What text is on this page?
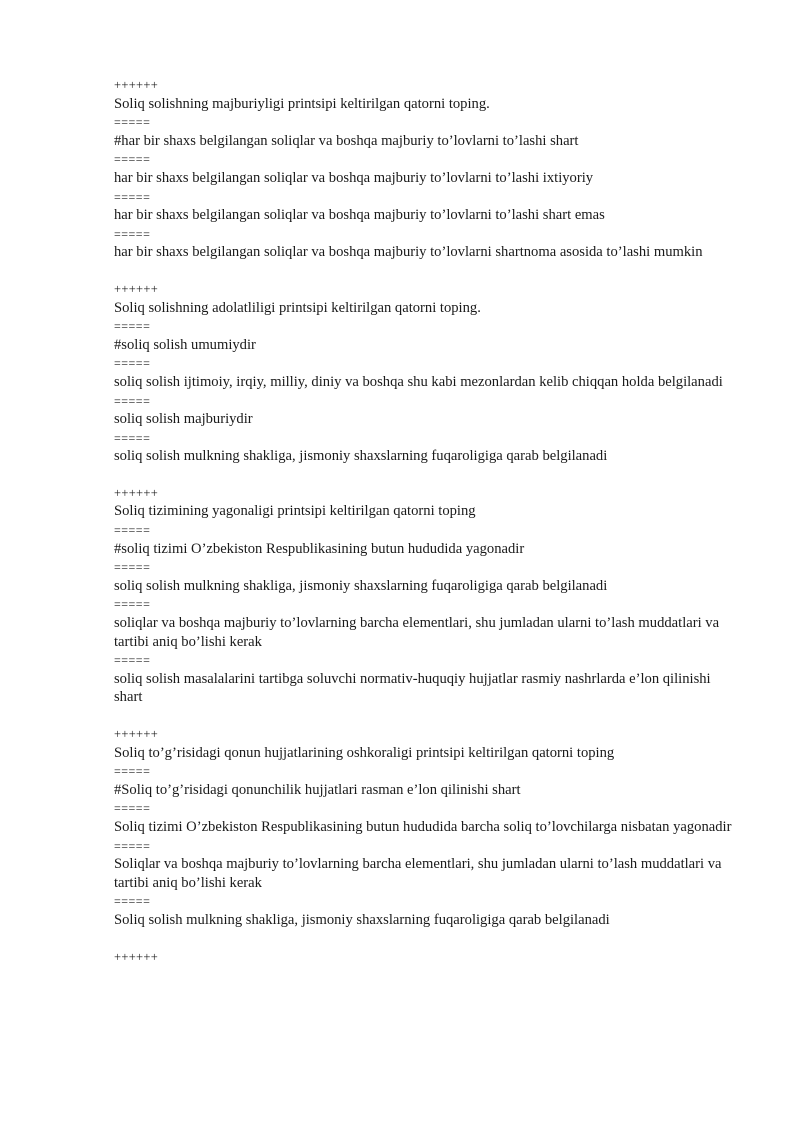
++++++
Soliq solishning majburiyligi printsipi keltirilgan qatorni toping.
=====
#har bir shaxs belgilangan soliqlar va boshqa majburiy to’lovlarni to’lashi shart
=====
har bir shaxs belgilangan soliqlar va boshqa majburiy to’lovlarni to’lashi ixtiyoriy
=====
har bir shaxs belgilangan soliqlar va boshqa majburiy to’lovlarni to’lashi shart emas
=====
har bir shaxs belgilangan soliqlar va boshqa majburiy to’lovlarni shartnoma asosida to’lashi mumkin
++++++
Soliq solishning adolatliligi printsipi keltirilgan qatorni toping.
=====
#soliq solish umumiydir
=====
soliq solish ijtimoiy, irqiy, milliy, diniy va boshqa shu kabi mezonlardan kelib chiqqan holda belgilanadi
=====
soliq solish majburiydir
=====
soliq solish mulkning shakliga, jismoniy shaxslarning fuqaroligiga qarab belgilanadi
++++++
Soliq tizimining yagonaligi printsipi keltirilgan qatorni toping
=====
#soliq tizimi O’zbekiston Respublikasining butun hududida yagonadir
=====
soliq solish mulkning shakliga, jismoniy shaxslarning fuqaroligiga qarab belgilanadi
=====
soliqlar va boshqa majburiy to’lovlarning barcha elementlari, shu jumladan ularni to’lash muddatlari va tartibi aniq bo’lishi kerak
=====
soliq solish masalalarini tartibga soluvchi normativ-huquqiy hujjatlar rasmiy nashrlarda e’lon qilinishi shart
++++++
Soliq to’g’risidagi qonun hujjatlarining oshkoraligi printsipi keltirilgan qatorni toping
=====
#Soliq to’g’risidagi qonunchilik hujjatlari rasman e’lon qilinishi shart
=====
Soliq tizimi O’zbekiston Respublikasining butun hududida barcha soliq to’lovchilarga nisbatan yagonadir
=====
Soliqlar va boshqa majburiy to’lovlarning barcha elementlari, shu jumladan ularni to’lash muddatlari va tartibi aniq bo’lishi kerak
=====
Soliq solish mulkning shakliga, jismoniy shaxslarning fuqaroligiga qarab belgilanadi
++++++
